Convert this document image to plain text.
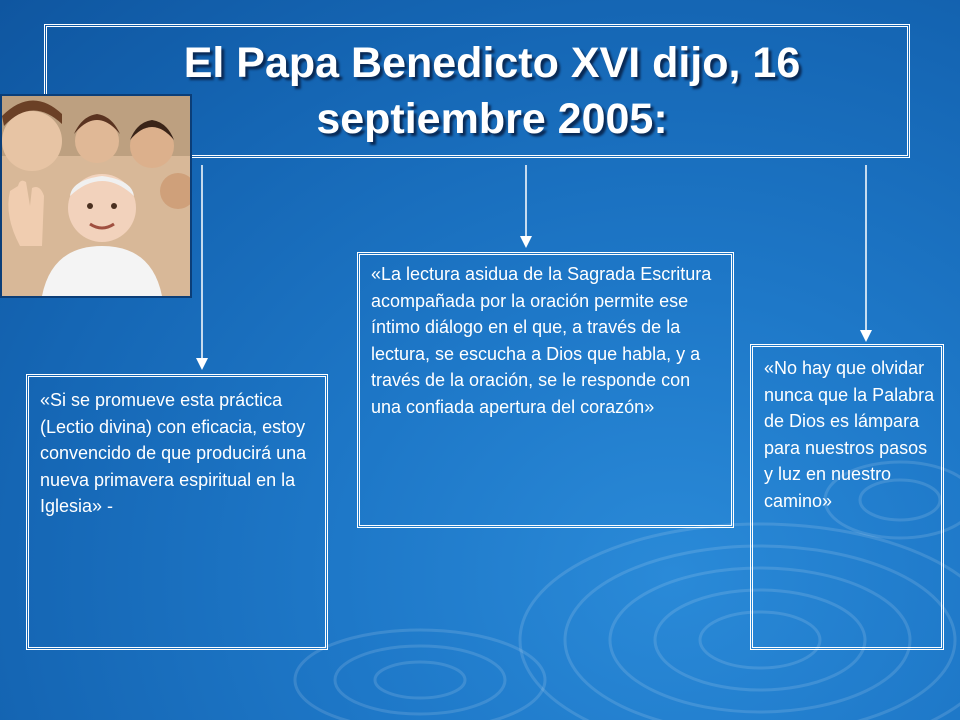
El Papa Benedicto XVI dijo, 16
septiembre 2005:
«Si se promueve esta práctica (Lectio divina) con eficacia, estoy convencido de que producirá una nueva primavera espiritual en la Iglesia» -
«La lectura asidua de la Sagrada Escritura acompañada por la oración permite ese íntimo diálogo en el que, a través de la lectura, se escucha a Dios que habla, y a través de la oración, se le responde con una confiada apertura del corazón»
«No hay que olvidar nunca que la Palabra de Dios es lámpara para nuestros pasos y luz en nuestro camino»
